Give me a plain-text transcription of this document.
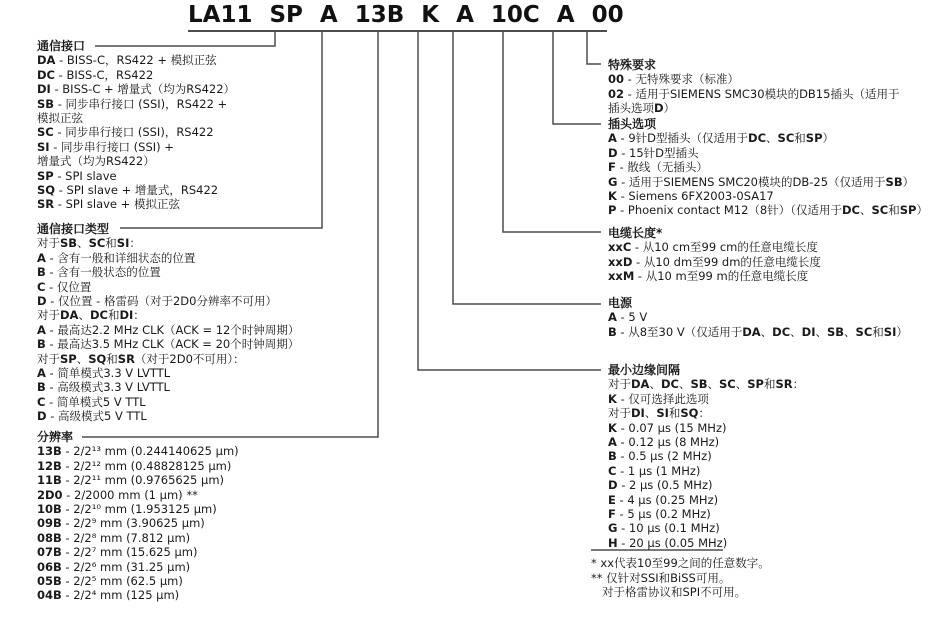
LA11 SP A 13B K A 10C A 00
通信接口
DA - BISS-C，RS422 + 模拟正弦
DC - BISS-C，RS422
DI - BISS-C + 增量式（均为RS422）
SB - 同步串行接口 (SSI)，RS422 +
模拟正弦
SC - 同步串行接口 (SSI)，RS422
SI - 同步串行接口 (SSI) +
增量式（均为RS422）
SP - SPI slave
SQ - SPI slave + 增量式，RS422
SR - SPI slave + 模拟正弦
通信接口类型
对于SB、SC和SI：
A - 含有一般和详细状态的位置
B - 含有一般状态的位置
C - 仅位置
D - 仅位置 - 格雷码（对于2D0分辨率不可用）
对于DA、DC和DI：
A - 最高达2.2 MHz CLK（ACK = 12个时钟周期）
B - 最高达3.5 MHz CLK（ACK = 20个时钟周期）
对于SP、SQ和SR（对于2D0不可用）：
A - 简单模式3.3 V LVTTL
B - 高级模式3.3 V LVTTL
C - 简单模式5 V TTL
D - 高级模式5 V TTL
分辨率
13B - 2/2¹³ mm (0.244140625 µm)
12B - 2/2¹² mm (0.48828125 µm)
11B - 2/2¹¹ mm (0.9765625 µm)
2D0 - 2/2000 mm (1 µm) **
10B - 2/2¹⁰ mm (1.953125 µm)
09B - 2/2⁹ mm (3.90625 µm)
08B - 2/2⁸ mm (7.812 µm)
07B - 2/2⁷ mm (15.625 µm)
06B - 2/2⁶ mm (31.25 µm)
05B - 2/2⁵ mm (62.5 µm)
04B - 2/2⁴ mm (125 µm)
特殊要求
00 - 无特殊要求（标准）
02 - 适用于SIEMENS SMC30模块的DB15插头（适用于
插头选项D）
插头选项
A - 9针D型插头（仅适用于DC、SC和SP）
D - 15针D型插头
F - 散线（无插头）
G - 适用于SIEMENS SMC20模块的DB-25（仅适用于SB）
K - Siemens 6FX2003-0SA17
P - Phoenix contact M12（8针）（仅适用于DC、SC和SP）
电缆长度*
xxC - 从10 cm至99 cm的任意电缆长度
xxD - 从10 dm至99 dm的任意电缆长度
xxM - 从10 m至99 m的任意电缆长度
电源
A - 5 V
B - 从8至30 V（仅适用于DA、DC、DI、SB、SC和SI）
最小边缘间隔
对于DA、DC、SB、SC、SP和SR：
K - 仅可选择此选项
对于DI、SI和SQ：
K - 0.07 µs (15 MHz)
A - 0.12 µs (8 MHz)
B - 0.5 µs (2 MHz)
C - 1 µs (1 MHz)
D - 2 µs (0.5 MHz)
E - 4 µs (0.25 MHz)
F - 5 µs (0.2 MHz)
G - 10 µs (0.1 MHz)
H - 20 µs (0.05 MHz)
* xx代表10至99之间的任意数字。
** 仅针对SSI和BiSS可用。
对于格雷协议和SPI不可用。
